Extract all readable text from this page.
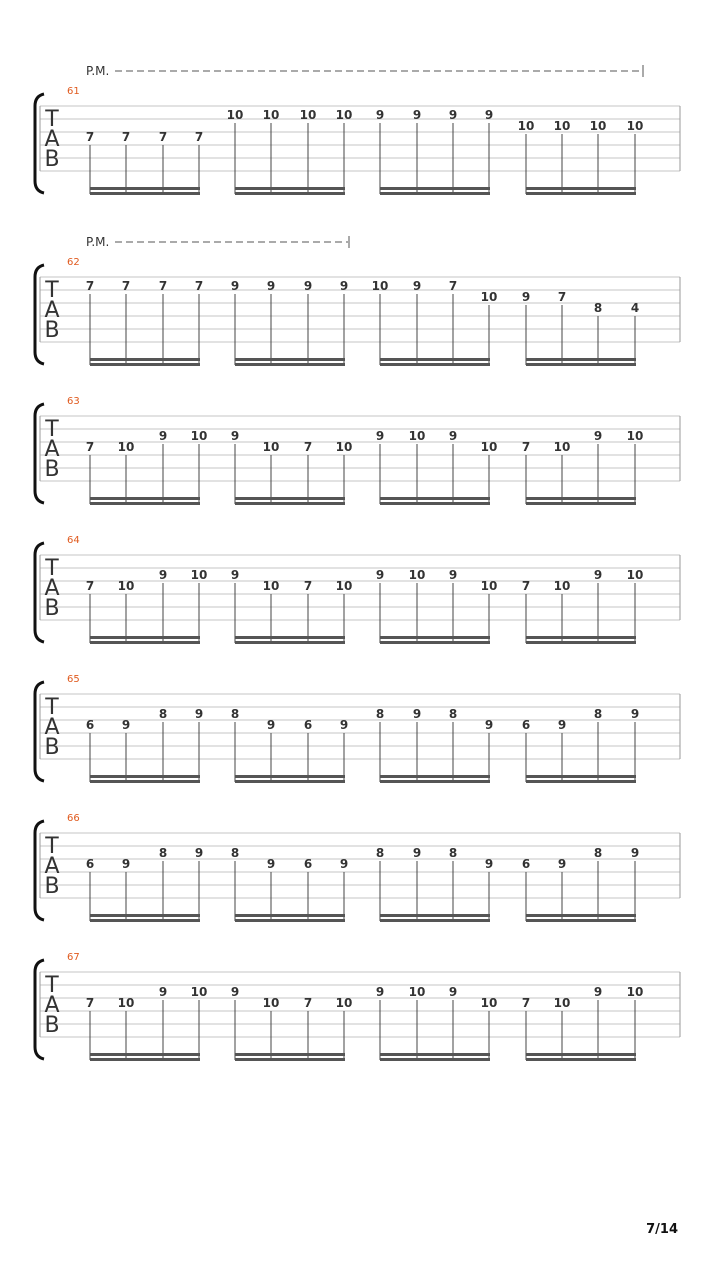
61
P.M.
T
A
B
7 7 7 7
10 10 10 10 9 9 9 9
10 10 10 10
62
P.M.
T
A
B
7 7 7 7 9 9 9 9 10 9 7
10 9 7
8 4
63
T
A
B
7 10
9 10 9
10 7 10
9 10 9
10 7 10
9 10
64
T
A
B
7 10
9 10 9
10 7 10
9 10 9
10 7 10
9 10
65
T
A
B
6 9
8 9 8
9 6 9
8 9 8
9 6 9
8 9
66
T
A
B
6 9
8 9 8
9 6 9
8 9 8
9 6 9
8 9
67
T
A
B
7 10
9 10 9
10 7 10
9 10 9
10 7 10
9 10
7/14
